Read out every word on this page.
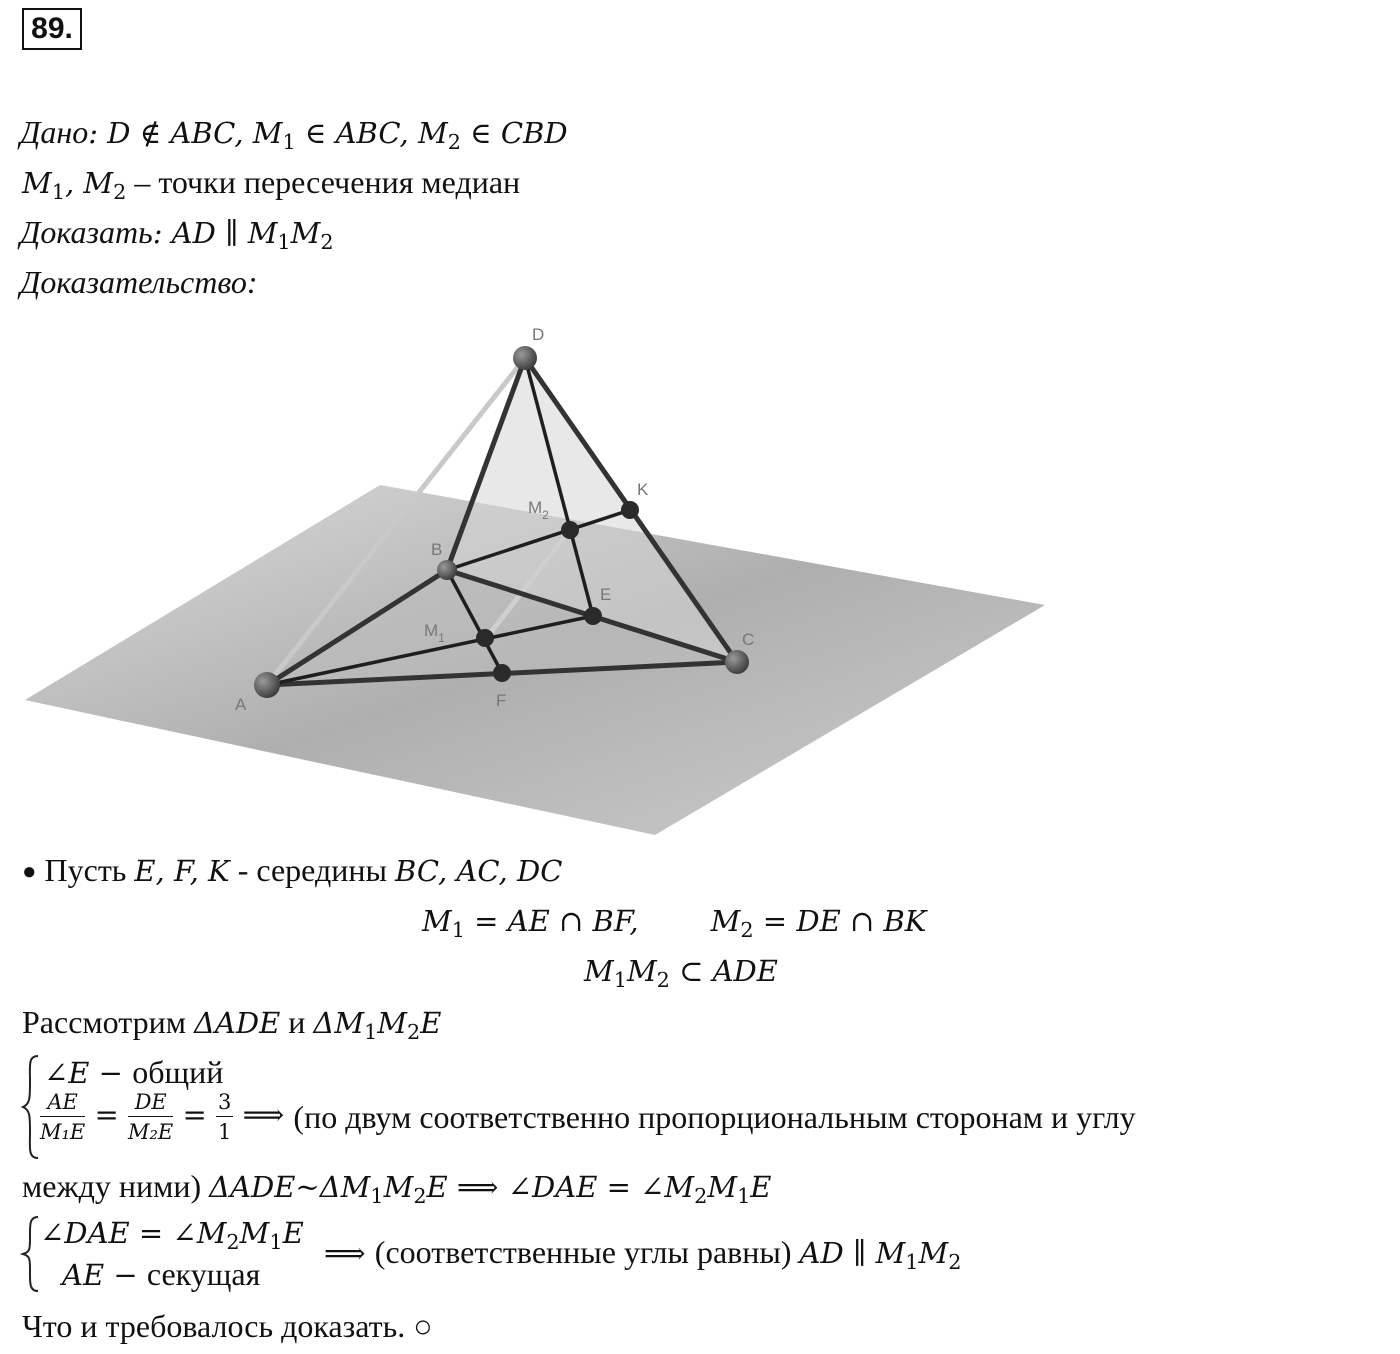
89.
Дано: D ∉ ABC, $M_1$ ∈ ABC, $M_2$ ∈ CBD
$M_1$, $M_2$ – точки пересечения медиан
Доказать: AD ∥ $M_1M_2$
Доказательство:
D
K
$M_2$
B
E
$M_1$	C
A	F
● Пусть E, F, K - середины BC, AC, DC
$M_1$ = AE ∩ BF, $M_2$ = DE ∩ BK
$M_1M_2$ ⊂ ADE
Рассмотрим ΔADE и $\Delta M_1M_2E$
∠E − общий
$\frac{AE}{\text{M₁E}} = \frac{DE}{\text{M₂E}} = \frac{3}{1}$ ⟹ (по двум соответственно пропорциональным сторонам и углу
между ними) $\Delta ADE\sim\Delta M_1M_2E$ ⟹ ∠DAE = $\angle M_2M_1E$
∠DAE = $\angle M_2M_1E$
AE − секущая
⟹ (соответственные углы равны) AD ∥ $M_1M_2$
Что и требовалось доказать. ○
